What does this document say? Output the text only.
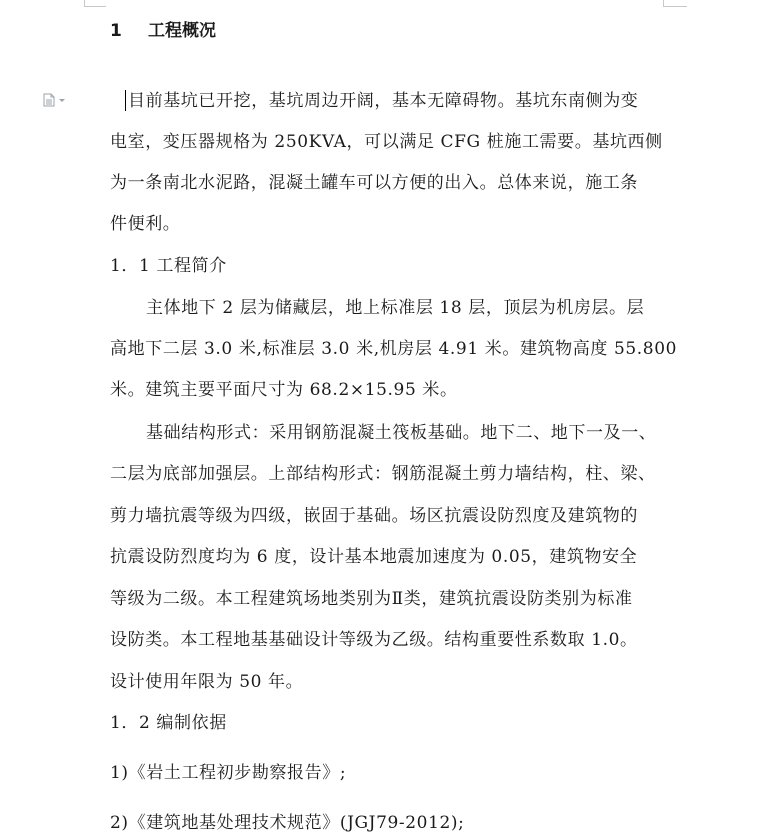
1 工程概况
目前基坑已开挖，基坑周边开阔，基本无障碍物。基坑东南侧为变
电室，变压器规格为 250KVA，可以满足 CFG 桩施工需要。基坑西侧
为一条南北水泥路，混凝土罐车可以方便的出入。总体来说，施工条
件便利。
1．1 工程简介
主体地下 2 层为储藏层，地上标准层 18 层，顶层为机房层。层
高地下二层 3.0 米,标准层 3.0 米,机房层 4.91 米。建筑物高度 55.800
米。建筑主要平面尺寸为 68.2×15.95 米。
基础结构形式：采用钢筋混凝土筏板基础。地下二、地下一及一、
二层为底部加强层。上部结构形式：钢筋混凝土剪力墙结构，柱、梁、
剪力墙抗震等级为四级，嵌固于基础。场区抗震设防烈度及建筑物的
抗震设防烈度均为 6 度，设计基本地震加速度为 0.05，建筑物安全
等级为二级。本工程建筑场地类别为Ⅱ类，建筑抗震设防类别为标准
设防类。本工程地基基础设计等级为乙级。结构重要性系数取 1.0。
设计使用年限为 50 年。
1．2 编制依据
1)《岩土工程初步勘察报告》;
2)《建筑地基处理技术规范》(JGJ79-2012);
